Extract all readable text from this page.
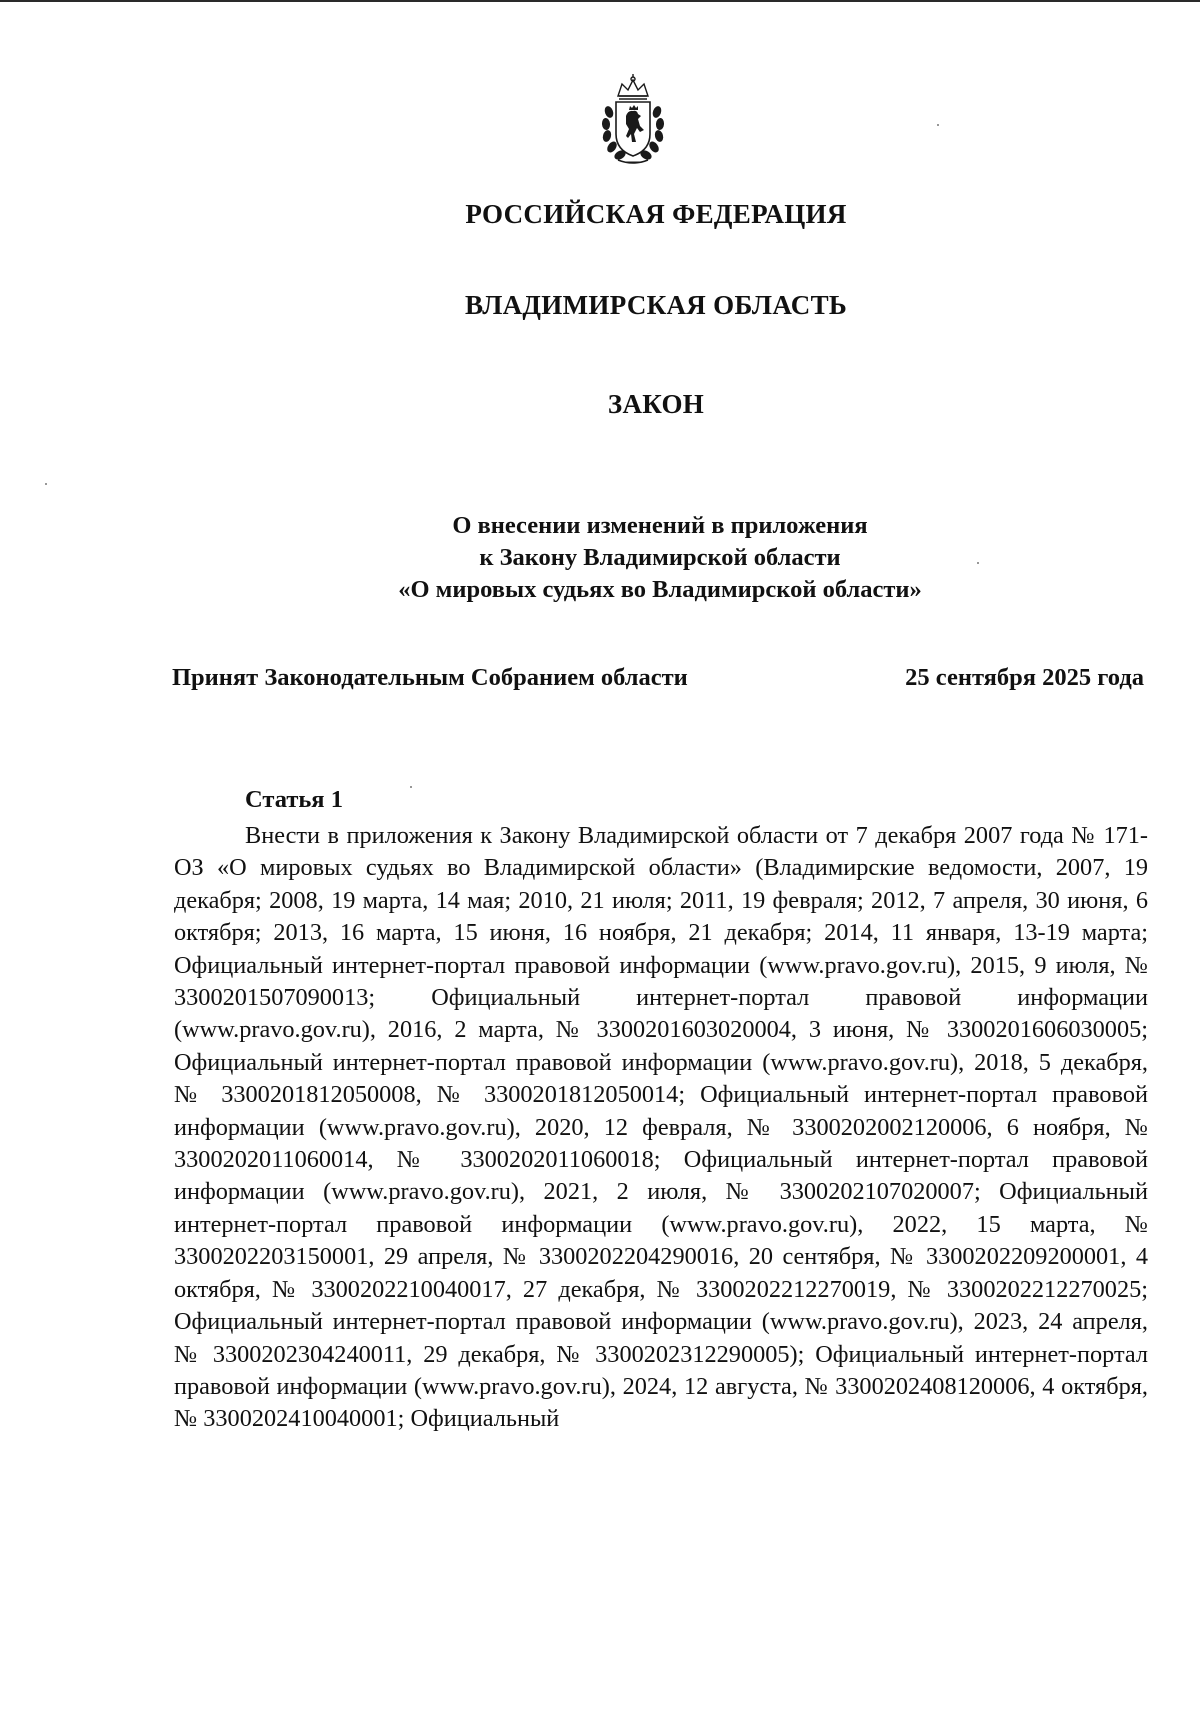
РОССИЙСКАЯ ФЕДЕРАЦИЯ
ВЛАДИМИРСКАЯ ОБЛАСТЬ
ЗАКОН
О внесении изменений в приложения
к Закону Владимирской области
«О мировых судьях во Владимирской области»
Принят Законодательным Собранием области	25 сентября 2025 года
Статья 1

Внести в приложения к Закону Владимирской области от 7 декабря 2007 года № 171-ОЗ «О мировых судьях во Владимирской области» (Владимирские ведомости, 2007, 19 декабря; 2008, 19 марта, 14 мая; 2010, 21 июля; 2011, 19 февраля; 2012, 7 апреля, 30 июня, 6 октября; 2013, 16 марта, 15 июня, 16 ноября, 21 декабря; 2014, 11 января, 13-19 марта; Официальный интернет-портал правовой информации (www.pravo.gov.ru), 2015, 9 июля, № 3300201507090013; Официальный интернет-портал правовой информации (www.pravo.gov.ru), 2016, 2 марта, № 3300201603020004, 3 июня, № 3300201606030005; Официальный интернет-портал правовой информации (www.pravo.gov.ru), 2018, 5 декабря, № 3300201812050008, № 3300201812050014; Официальный интернет-портал правовой информации (www.pravo.gov.ru), 2020, 12 февраля, № 3300202002120006, 6 ноября, № 3300202011060014, № 3300202011060018; Официальный интернет-портал правовой информации (www.pravo.gov.ru), 2021, 2 июля, № 3300202107020007; Официальный интернет-портал правовой информации (www.pravo.gov.ru), 2022, 15 марта, № 3300202203150001, 29 апреля, № 3300202204290016, 20 сентября, № 3300202209200001, 4 октября, № 3300202210040017, 27 декабря, № 3300202212270019, № 3300202212270025; Официальный интернет-портал правовой информации (www.pravo.gov.ru), 2023, 24 апреля, № 3300202304240011, 29 декабря, № 3300202312290005); Официальный интернет-портал правовой информации (www.pravo.gov.ru), 2024, 12 августа, № 3300202408120006, 4 октября, № 3300202410040001; Официальный
